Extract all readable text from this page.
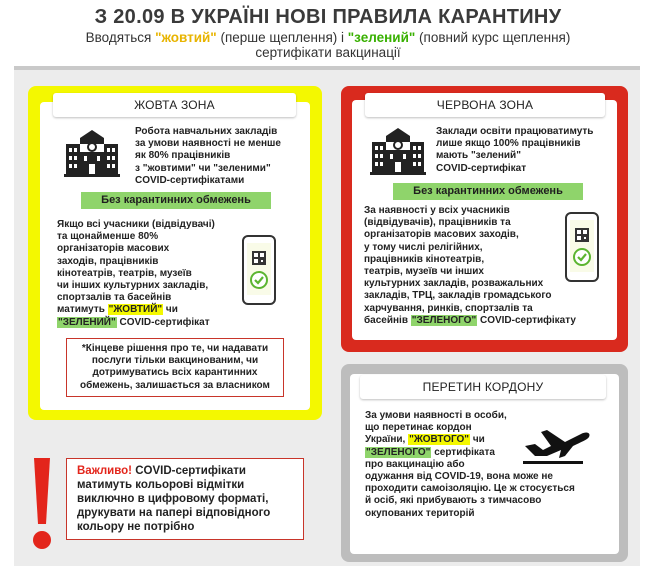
З 20.09 В УКРАЇНІ НОВІ ПРАВИЛА КАРАНТИНУ
Вводяться "жовтий" (перше щеплення) і "зелений" (повний курс щеплення)
сертифікати вакцинації
ЖОВТА ЗОНА
Робота навчальних закладів
за умови наявності не менше
як 80% працівників
з "жовтими" чи "зеленими"
COVID-сертифікатами
Без карантинних обмежень
Якщо всі учасники (відвідувачі)
та щонайменше 80%
організаторів масових
заходів, працівників
кінотеатрів, театрів, музеїв
чи інших культурних закладів,
спортзалів та басейнів
матимуть "ЖОВТИЙ" чи
"ЗЕЛЕНИЙ" COVID-сертифікат
*Кінцеве рішення про те, чи надавати
послуги тільки вакцинованим, чи
дотримуватись всіх карантинних
обмежень, залишається за власником
ЧЕРВОНА ЗОНА
Заклади освіти працюватимуть
лише якщо 100% працівників
мають "зелений"
COVID-сертифікат
Без карантинних обмежень
За наявності у всіх учасників
(відвідувачів), працівників та
організаторів масових заходів,
у тому числі релігійних,
працівників кінотеатрів,
театрів, музеїв чи інших
культурних закладів, розважальних
закладів, ТРЦ, закладів громадського
харчування, ринків, спортзалів та
басейнів "ЗЕЛЕНОГО" COVID-сертифікату
ПЕРЕТИН КОРДОНУ
За умови наявності в особи,
що перетинає кордон
України, "ЖОВТОГО" чи
"ЗЕЛЕНОГО" сертифіката
про вакцинацію або
одужання від COVID-19, вона може не
проходити самоізоляцію. Це ж стосується
й осіб, які прибувають з тимчасово
окупованих територій
Важливо! COVID-сертифікати
матимуть кольорові відмітки
виключно в цифровому форматі,
друкувати на папері відповідного
кольору не потрібно
